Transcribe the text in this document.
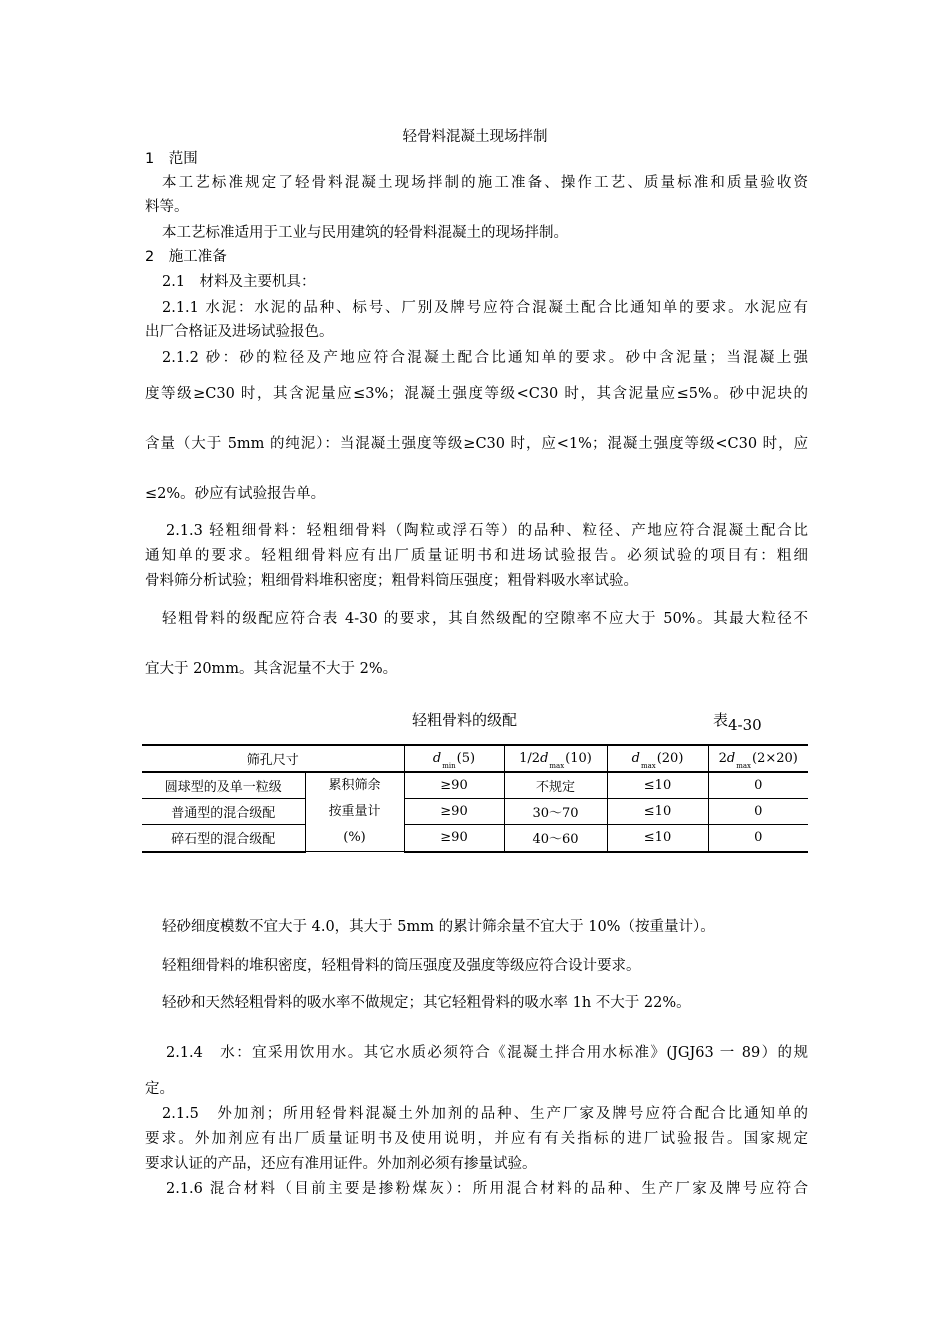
轻骨料混凝土现场拌制
1　范围
本工艺标准规定了轻骨料混凝土现场拌制的施工准备、操作工艺、质量标准和质量验收资
料等。
本工艺标准适用于工业与民用建筑的轻骨料混凝土的现场拌制。
2　施工准备
2.1　材料及主要机具：
2.1.1 水泥：水泥的品种、标号、厂别及牌号应符合混凝土配合比通知单的要求。水泥应有
出厂合格证及进场试验报色。
2.1.2 砂：砂的粒径及产地应符合混凝土配合比通知单的要求。砂中含泥量；当混凝上强
度等级≥C30 时，其含泥量应≤3%；混凝土强度等级<C30 时，其含泥量应≤5%。砂中泥块的
含量（大于 5mm 的纯泥）：当混凝土强度等级≥C30 时，应<1%；混凝土强度等级<C30 时，应
≤2%。砂应有试验报告单。
2.1.3 轻粗细骨料：轻粗细骨料（陶粒或浮石等）的品种、粒径、产地应符合混凝土配合比
通知单的要求。轻粗细骨料应有出厂质量证明书和进场试验报告。必须试验的项目有：粗细
骨料筛分析试验；粗细骨料堆积密度；粗骨料筒压强度；粗骨料吸水率试验。
轻粗骨料的级配应符合表 4-30 的要求，其自然级配的空隙率不应大于 50%。其最大粒径不
宜大于 20mm。其含泥量不大于 2%。
轻粗骨料的级配	表4-30
筛孔尺寸		dmin(5)	1/2dmax(10)	dmax(20)	2dmax(2×20)
圆球型的及单一粒级	累积筛余
按重量计
(%)	≥90	不规定	≤10	0
普通型的混合级配		≥90	30～70	≤10	0
碎石型的混合级配		≥90	40～60	≤10	0
轻砂细度模数不宜大于 4.0，其大于 5mm 的累计筛余量不宜大于 10%（按重量计）。
轻粗细骨料的堆积密度，轻粗骨料的筒压强度及强度等级应符合设计要求。
轻砂和天然轻粗骨料的吸水率不做规定；其它轻粗骨料的吸水率 1h 不大于 22%。
2.1.4　水：宜采用饮用水。其它水质必须符合《混凝土拌合用水标准》(JGJ63 一 89）的规
定。
2.1.5　外加剂；所用轻骨料混凝土外加剂的品种、生产厂家及牌号应符合配合比通知单的
要求。外加剂应有出厂质量证明书及使用说明，并应有有关指标的进厂试验报告。国家规定
要求认证的产品，还应有准用证件。外加剂必须有掺量试验。
2.1.6 混合材料（目前主要是掺粉煤灰）：所用混合材料的品种、生产厂家及牌号应符合
